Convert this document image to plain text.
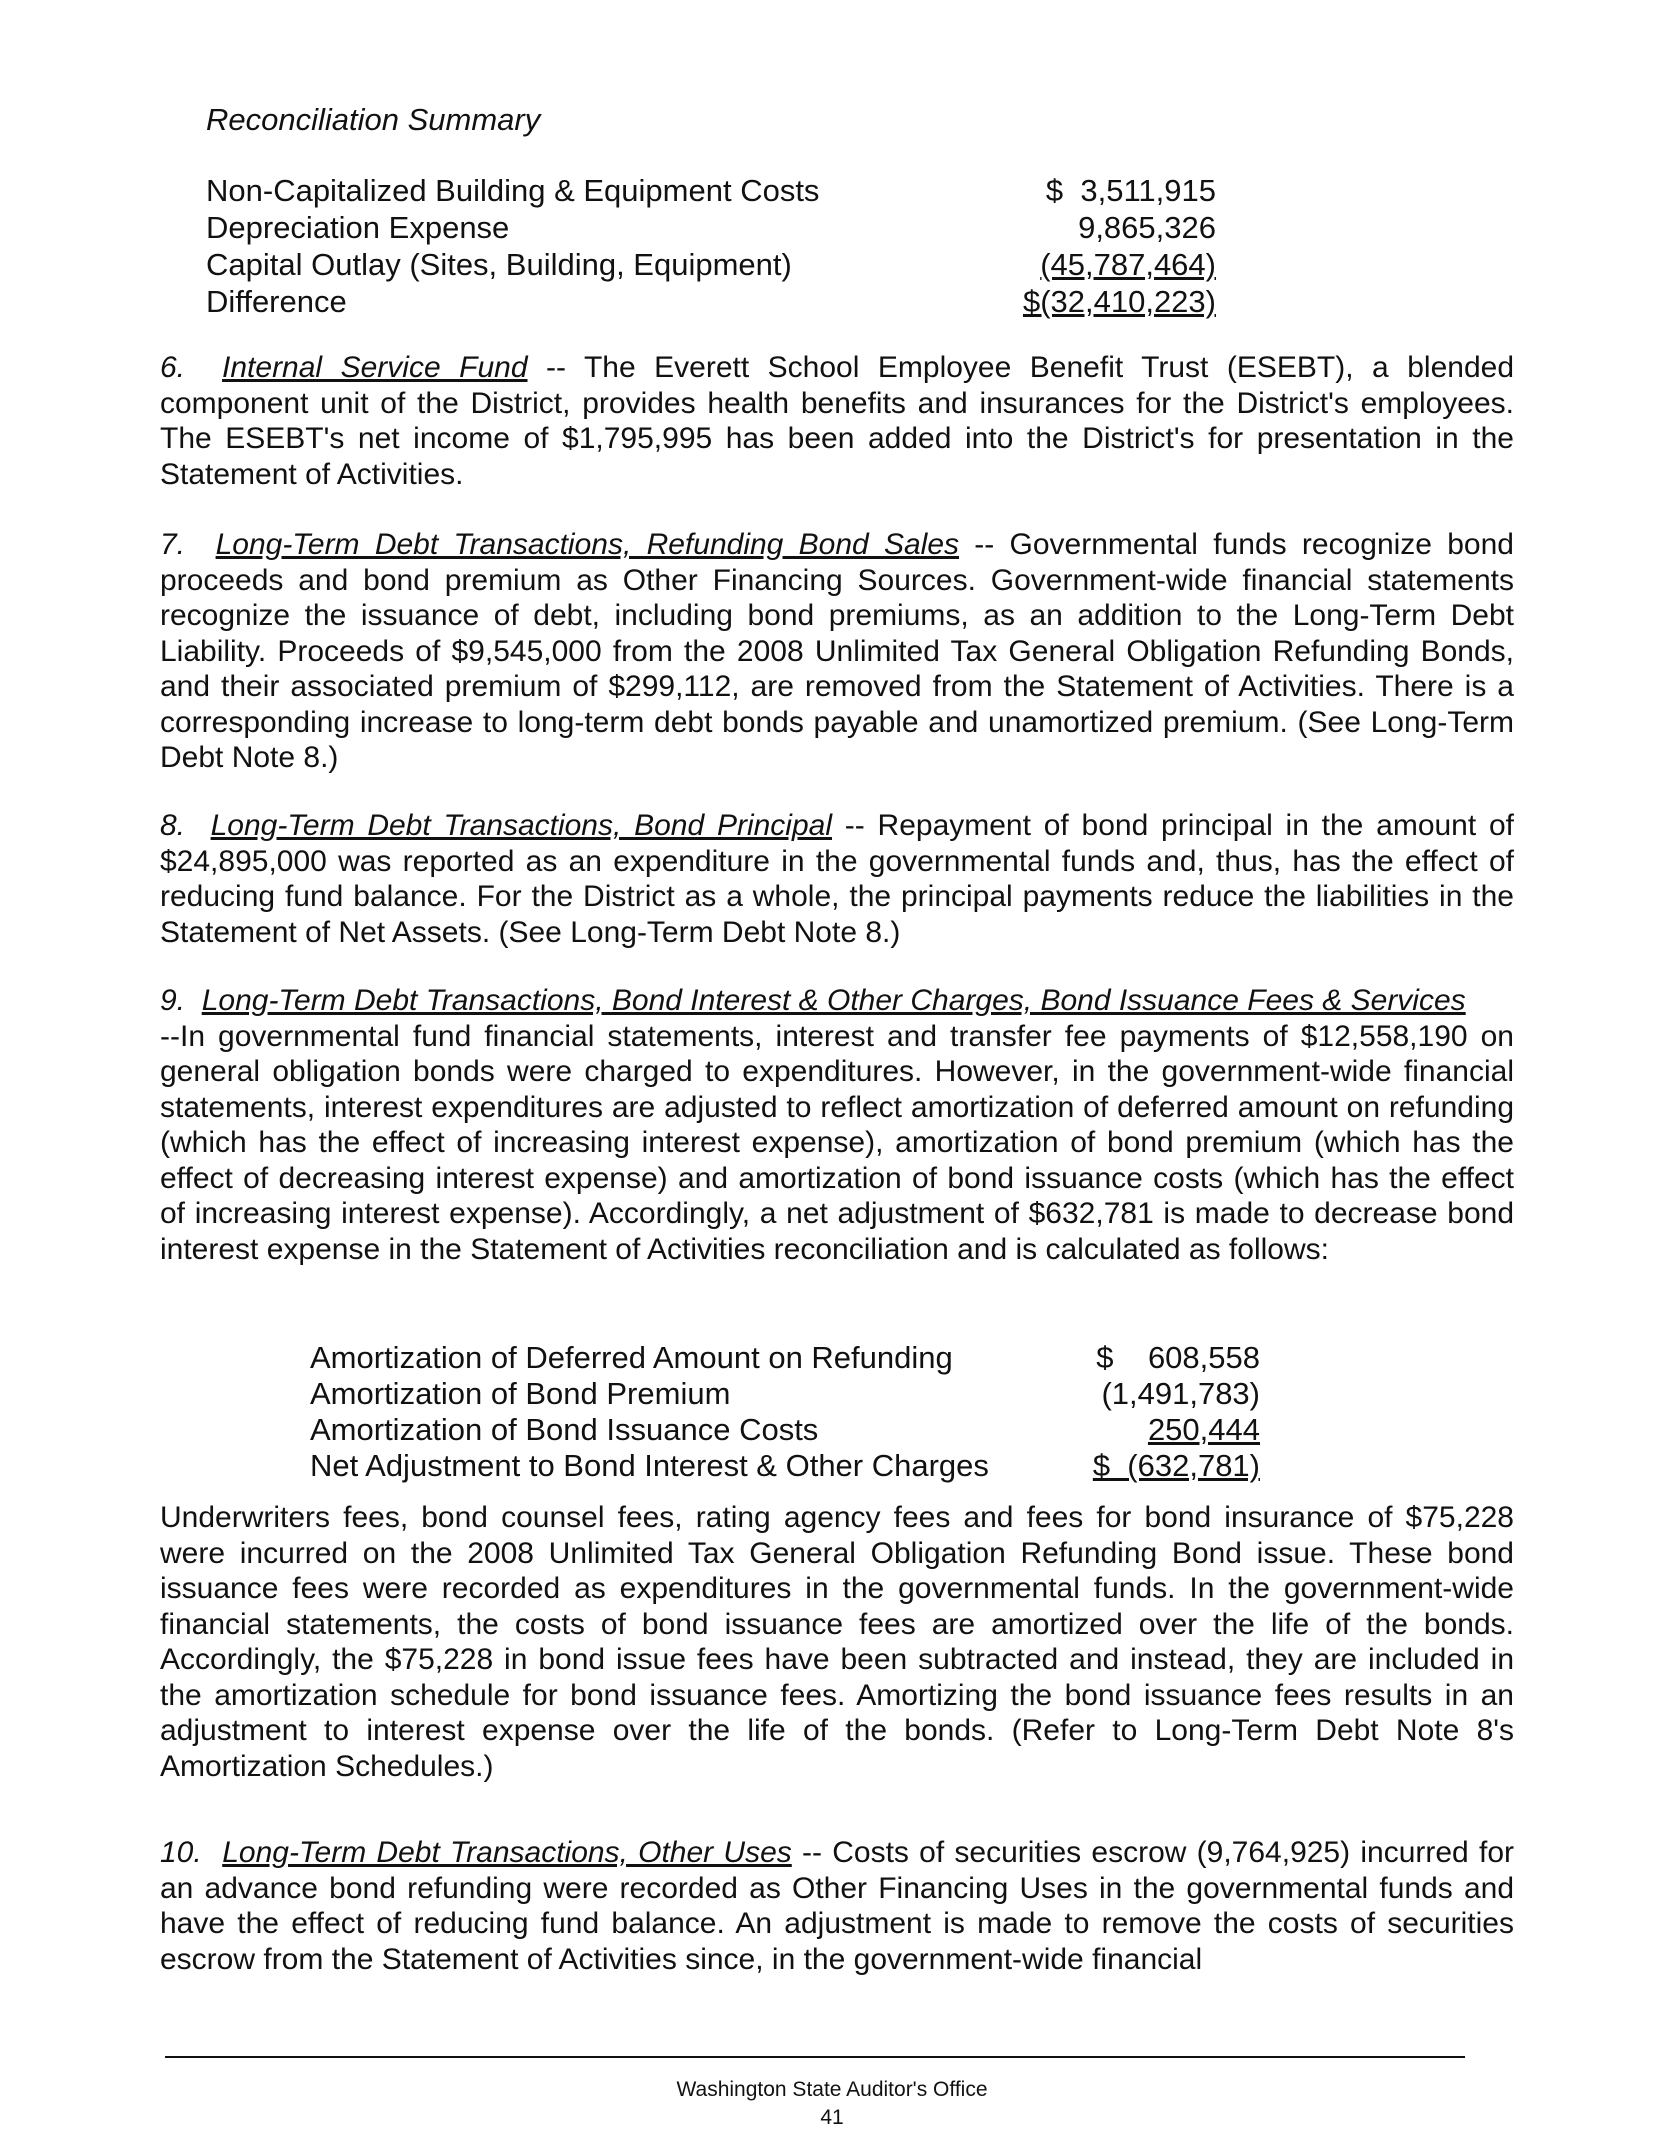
Reconciliation Summary
Non-Capitalized Building & Equipment Costs	$  3,511,915
Depreciation Expense	9,865,326
Capital Outlay (Sites, Building, Equipment)	(45,787,464)
Difference	$(32,410,223)
6. Internal Service Fund -- The Everett School Employee Benefit Trust (ESEBT), a blended component unit of the District, provides health benefits and insurances for the District's employees. The ESEBT's net income of $1,795,995 has been added into the District's for presentation in the Statement of Activities.
7. Long-Term Debt Transactions, Refunding Bond Sales -- Governmental funds recognize bond proceeds and bond premium as Other Financing Sources. Government-wide financial statements recognize the issuance of debt, including bond premiums, as an addition to the Long-Term Debt Liability. Proceeds of $9,545,000 from the 2008 Unlimited Tax General Obligation Refunding Bonds, and their associated premium of $299,112, are removed from the Statement of Activities. There is a corresponding increase to long-term debt bonds payable and unamortized premium. (See Long-Term Debt Note 8.)
8. Long-Term Debt Transactions, Bond Principal -- Repayment of bond principal in the amount of $24,895,000 was reported as an expenditure in the governmental funds and, thus, has the effect of reducing fund balance. For the District as a whole, the principal payments reduce the liabilities in the Statement of Net Assets. (See Long-Term Debt Note 8.)
9. Long-Term Debt Transactions, Bond Interest & Other Charges, Bond Issuance Fees & Services
--In governmental fund financial statements, interest and transfer fee payments of $12,558,190 on general obligation bonds were charged to expenditures. However, in the government-wide financial statements, interest expenditures are adjusted to reflect amortization of deferred amount on refunding (which has the effect of increasing interest expense), amortization of bond premium (which has the effect of decreasing interest expense) and amortization of bond issuance costs (which has the effect of increasing interest expense). Accordingly, a net adjustment of $632,781 is made to decrease bond interest expense in the Statement of Activities reconciliation and is calculated as follows:
Amortization of Deferred Amount on Refunding	$    608,558
Amortization of Bond Premium	(1,491,783)
Amortization of Bond Issuance Costs	250,444
Net Adjustment to Bond Interest & Other Charges	$  (632,781)
Underwriters fees, bond counsel fees, rating agency fees and fees for bond insurance of $75,228 were incurred on the 2008 Unlimited Tax General Obligation Refunding Bond issue. These bond issuance fees were recorded as expenditures in the governmental funds. In the government-wide financial statements, the costs of bond issuance fees are amortized over the life of the bonds. Accordingly, the $75,228 in bond issue fees have been subtracted and instead, they are included in the amortization schedule for bond issuance fees. Amortizing the bond issuance fees results in an adjustment to interest expense over the life of the bonds. (Refer to Long-Term Debt Note 8's Amortization Schedules.)
10. Long-Term Debt Transactions, Other Uses -- Costs of securities escrow (9,764,925) incurred for an advance bond refunding were recorded as Other Financing Uses in the governmental funds and have the effect of reducing fund balance. An adjustment is made to remove the costs of securities escrow from the Statement of Activities since, in the government-wide financial
Washington State Auditor's Office
41
